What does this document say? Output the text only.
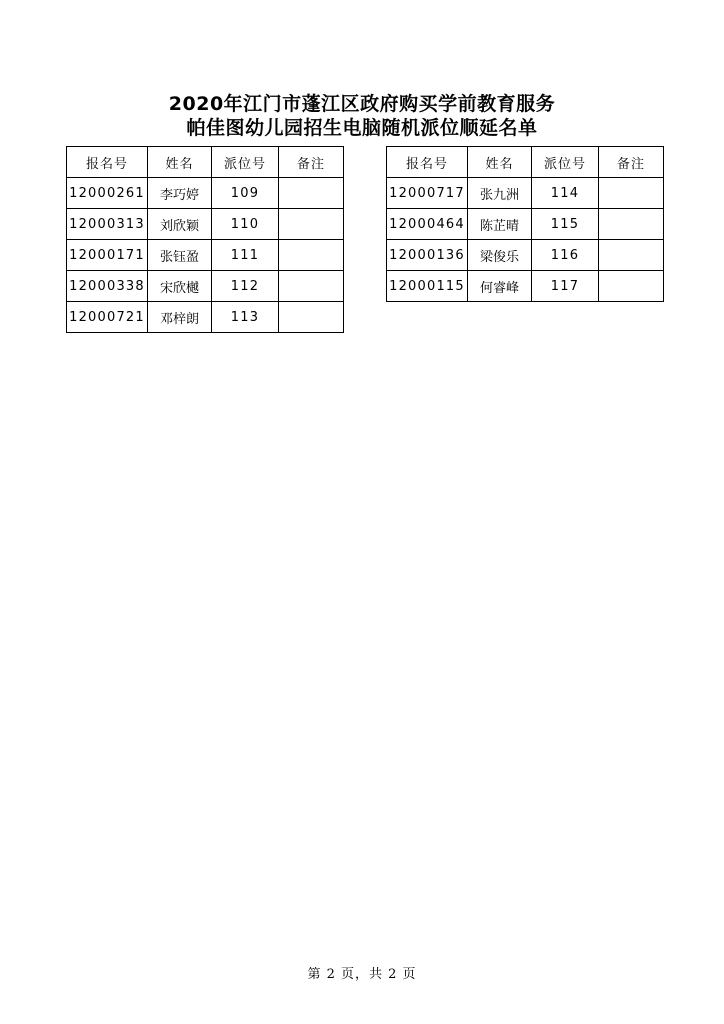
2020年江门市蓬江区政府购买学前教育服务
帕佳图幼儿园招生电脑随机派位顺延名单
报名号	姓名	派位号	备注
12000261	李巧婷	109	
12000313	刘欣颖	110	
12000171	张钰盈	111	
12000338	宋欣樾	112	
12000721	邓梓朗	113	
报名号	姓名	派位号	备注
12000717	张九洲	114	
12000464	陈芷晴	115	
12000136	梁俊乐	116	
12000115	何睿峰	117	
第 2 页，共 2 页
